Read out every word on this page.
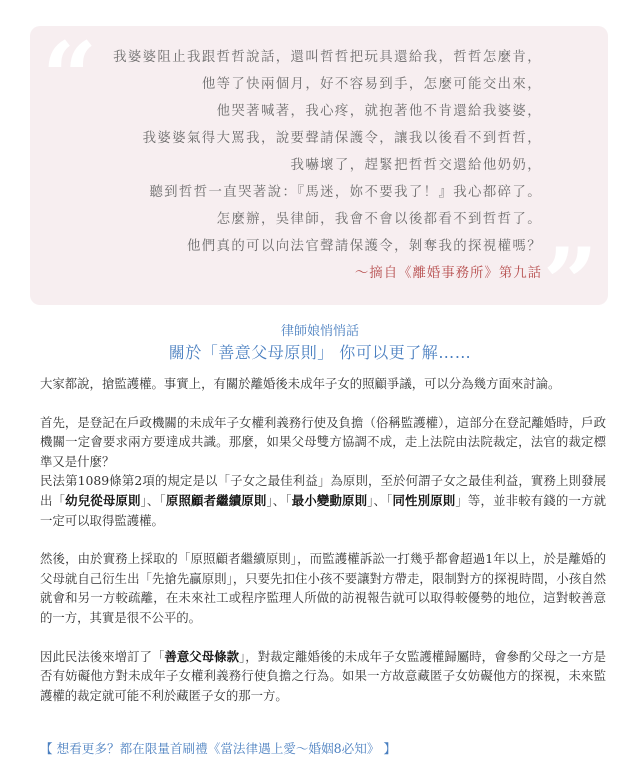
“	我婆婆阻止我跟哲哲說話，還叫哲哲把玩具還給我，哲哲怎麼肯，
他等了快兩個月，好不容易到手，怎麼可能交出來，
他哭著喊著，我心疼，就抱著他不肯還給我婆婆，
我婆婆氣得大罵我，說要聲請保護令，讓我以後看不到哲哲，
我嚇壞了，趕緊把哲哲交還給他奶奶，
聽到哲哲一直哭著說：『馬迷，妳不要我了！』我心都碎了。
怎麼辦，吳律師，我會不會以後都看不到哲哲了。
他們真的可以向法官聲請保護令，剝奪我的探視權嗎？
～摘自《離婚事務所》第九話 ”
律師娘悄悄話
關於「善意父母原則」 你可以更了解……

大家都說，搶監護權。事實上，有關於離婚後未成年子女的照顧爭議，可以分為幾方面來討論。

首先，是登記在戶政機關的未成年子女權利義務行使及負擔（俗稱監護權），這部分在登記離婚時，戶政機關一定會要求兩方要達成共識。那麼，如果父母雙方協調不成，走上法院由法院裁定，法官的裁定標準又是什麼？

民法第1089條第2項的規定是以「子女之最佳利益」為原則，至於何謂子女之最佳利益，實務上則發展出「幼兒從母原則」、「原照顧者繼續原則」、「最小變動原則」、「同性別原則」等，並非較有錢的一方就一定可以取得監護權。

然後，由於實務上採取的「原照顧者繼續原則」，而監護權訴訟一打幾乎都會超過1年以上，於是離婚的父母就自己衍生出「先搶先贏原則」，只要先扣住小孩不要讓對方帶走，限制對方的探視時間，小孩自然就會和另一方較疏離，在未來社工或程序監理人所做的訪視報告就可以取得較優勢的地位，這對較善意的一方，其實是很不公平的。

因此民法後來增訂了「善意父母條款」，對裁定離婚後的未成年子女監護權歸屬時，會參酌父母之一方是否有妨礙他方對未成年子女權利義務行使負擔之行為。如果一方故意藏匿子女妨礙他方的探視，未來監護權的裁定就可能不利於藏匿子女的那一方。

【 想看更多？都在限量首刷禮《當法律遇上愛～婚姻8必知》 】
